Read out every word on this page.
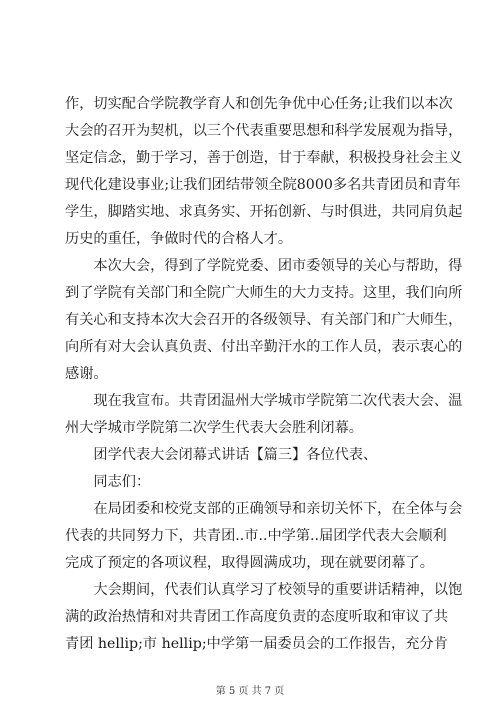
作，切实配合学院教学育人和创先争优中心任务;让我们以本次
大会的召开为契机，以三个代表重要思想和科学发展观为指导，
坚定信念，勤于学习，善于创造，甘于奉献，积极投身社会主义
现代化建设事业;让我们团结带领全院8000多名共青团员和青年
学生，脚踏实地、求真务实、开拓创新、与时俱进，共同肩负起
历史的重任，争做时代的合格人才。
　　本次大会，得到了学院党委、团市委领导的关心与帮助，得
到了学院有关部门和全院广大师生的大力支持。这里，我们向所
有关心和支持本次大会召开的各级领导、有关部门和广大师生，
向所有对大会认真负责、付出辛勤汗水的工作人员，表示衷心的
感谢。
　　现在我宣布。共青团温州大学城市学院第二次代表大会、温
州大学城市学院第二次学生代表大会胜利闭幕。
　　团学代表大会闭幕式讲话【篇三】各位代表、
　　同志们：
　　在局团委和校党支部的正确领导和亲切关怀下，在全体与会
代表的共同努力下，共青团..市..中学第..届团学代表大会顺利
完成了预定的各项议程，取得圆满成功，现在就要闭幕了。
　　大会期间，代表们认真学习了校领导的重要讲话精神，以饱
满的政治热情和对共青团工作高度负责的态度听取和审议了共
青团 hellip;市 hellip;中学第一届委员会的工作报告，充分肯
第 5 页 共 7 页
